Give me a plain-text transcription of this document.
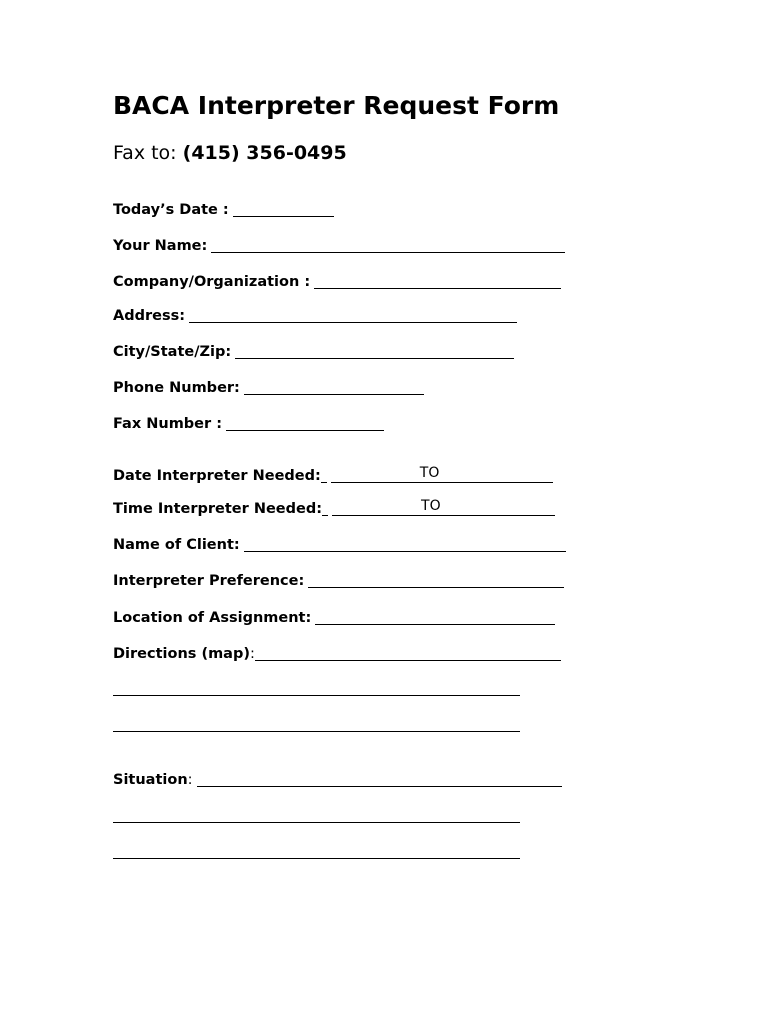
BACA Interpreter Request Form
Fax to: (415) 356-0495
Today’s Date :
Your Name:
Company/Organization :
Address:
City/State/Zip:
Phone Number:
Fax Number :
Date Interpreter Needed:	TO
Time Interpreter Needed:	TO
Name of Client:
Interpreter Preference:
Location of Assignment:
Directions (map) :
Situation :
